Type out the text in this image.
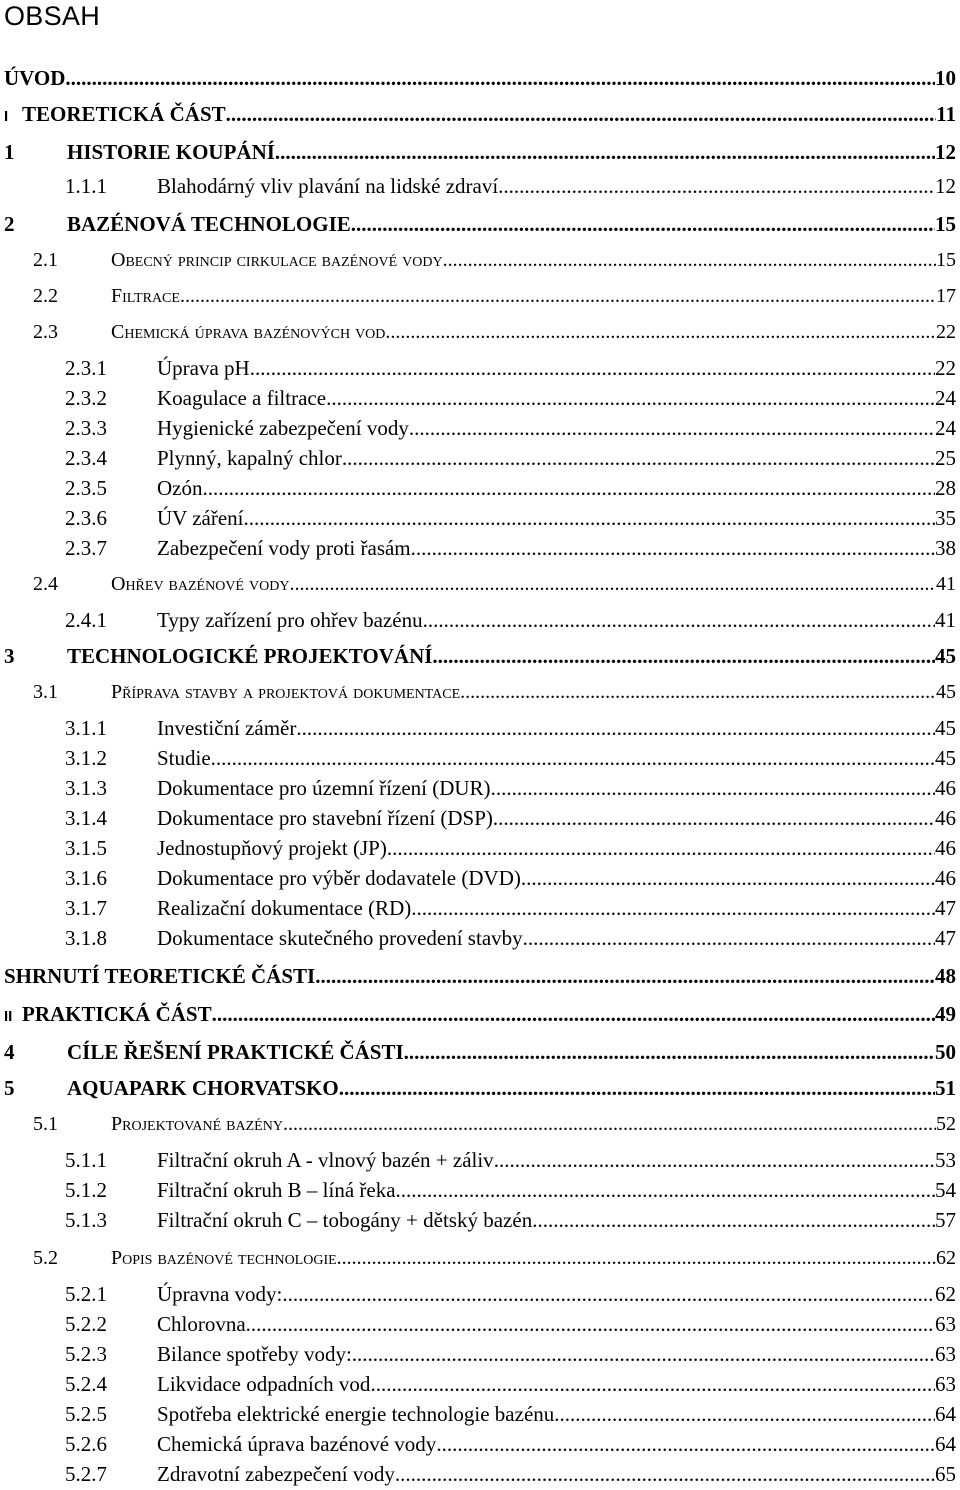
OBSAH
ÚVOD .....	10
I TEORETICKÁ ČÁST .....	11
1	HISTORIE KOUPÁNÍ .....	12
1.1.1	Blahodárný vliv plavání na lidské zdraví .....	12
2	BAZÉNOVÁ TECHNOLOGIE .....	15
2.1	Obecný princip cirkulace bazénové vody .....	15
2.2	Filtrace .....	17
2.3	Chemická úprava bazénových vod .....	22
2.3.1	Úprava pH .....	22
2.3.2	Koagulace a filtrace .....	24
2.3.3	Hygienické zabezpečení vody .....	24
2.3.4	Plynný, kapalný chlor .....	25
2.3.5	Ozón .....	28
2.3.6	ÚV záření .....	35
2.3.7	Zabezpečení vody proti řasám .....	38
2.4	Ohřev bazénové vody .....	41
2.4.1	Typy zařízení pro ohřev bazénu .....	41
3	TECHNOLOGICKÉ PROJEKTOVÁNÍ .....	45
3.1	Příprava stavby a projektová dokumentace .....	45
3.1.1	Investiční záměr .....	45
3.1.2	Studie .....	45
3.1.3	Dokumentace pro územní řízení (DUR) .....	46
3.1.4	Dokumentace pro stavební řízení (DSP) .....	46
3.1.5	Jednostupňový projekt (JP) .....	46
3.1.6	Dokumentace pro výběr dodavatele (DVD) .....	46
3.1.7	Realizační dokumentace (RD) .....	47
3.1.8	Dokumentace skutečného provedení stavby .....	47
SHRNUTÍ TEORETICKÉ ČÁSTI .....	48
II PRAKTICKÁ ČÁST .....	49
4	CÍLE ŘEŠENÍ PRAKTICKÉ ČÁSTI .....	50
5	AQUAPARK CHORVATSKO .....	51
5.1	Projektované bazény .....	52
5.1.1	Filtrační okruh A - vlnový bazén + záliv .....	53
5.1.2	Filtrační okruh B – líná řeka .....	54
5.1.3	Filtrační okruh C – tobogány + dětský bazén .....	57
5.2	Popis bazénové technologie .....	62
5.2.1	Úpravna vody: .....	62
5.2.2	Chlorovna .....	63
5.2.3	Bilance spotřeby vody: .....	63
5.2.4	Likvidace odpadních vod .....	63
5.2.5	Spotřeba elektrické energie technologie bazénu .....	64
5.2.6	Chemická úprava bazénové vody .....	64
5.2.7	Zdravotní zabezpečení vody .....	65
